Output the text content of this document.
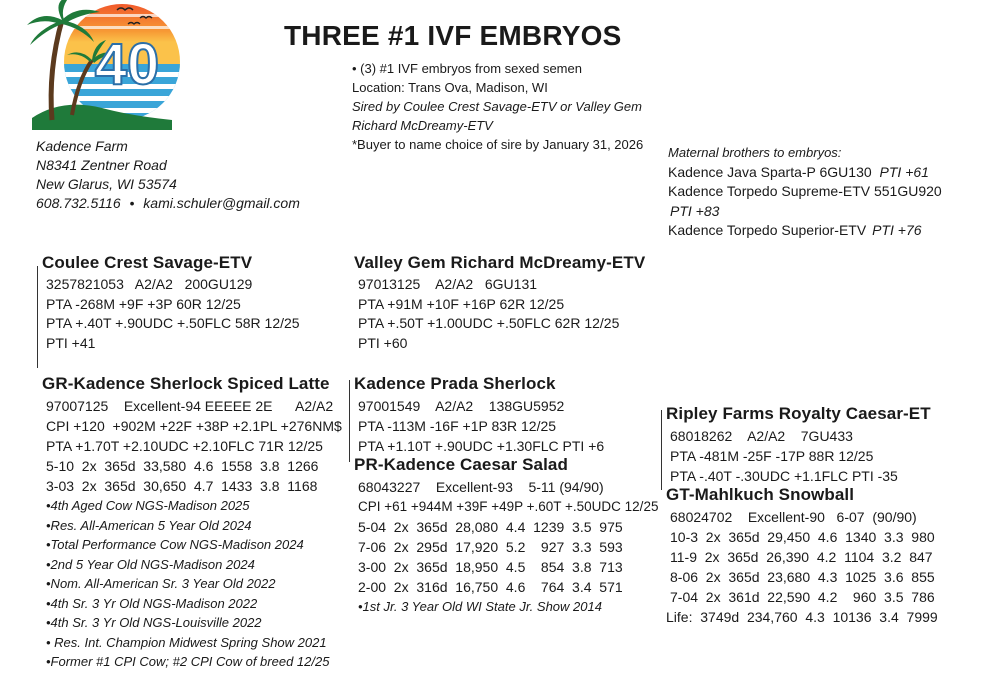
40	THREE #1 IVF EMBRYOS
• (3) #1 IVF embryos from sexed semen
Location: Trans Ova, Madison, WI
Sired by Coulee Crest Savage-ETV or Valley Gem
Richard McDreamy-ETV
*Buyer to name choice of sire by January 31, 2026
Kadence Farm
N8341 Zentner Road
New Glarus, WI 53574
608.732.5116 • kami.schuler@gmail.com
Maternal brothers to embryos:
Kadence Java Sparta-P 6GU130 PTI +61
Kadence Torpedo Supreme-ETV 551GU920
PTI +83
Kadence Torpedo Superior-ETV PTI +76
Coulee Crest Savage-ETV
3257821053   A2/A2   200GU129
PTA -268M +9F +3P 60R 12/25
PTA +.40T +.90UDC +.50FLC 58R 12/25
PTI +41
Valley Gem Richard McDreamy-ETV
97013125    A2/A2   6GU131
PTA +91M +10F +16P 62R 12/25
PTA +.50T +1.00UDC +.50FLC 62R 12/25
PTI +60
GR-Kadence Sherlock Spiced Latte
97007125    Excellent-94 EEEEE 2E      A2/A2
CPI +120  +902M +22F +38P +2.1PL +276NM$
PTA +1.70T +2.10UDC +2.10FLC 71R 12/25
5-10  2x  365d  33,580  4.6  1558  3.8  1266
3-03  2x  365d  30,650  4.7  1433  3.8  1168
•4th Aged Cow NGS-Madison 2025
•Res. All-American 5 Year Old 2024
•Total Performance Cow NGS-Madison 2024
•2nd 5 Year Old NGS-Madison 2024
•Nom. All-American Sr. 3 Year Old 2022
•4th Sr. 3 Yr Old NGS-Madison 2022
•4th Sr. 3 Yr Old NGS-Louisville 2022
• Res. Int. Champion Midwest Spring Show 2021
•Former #1 CPI Cow; #2 CPI Cow of breed 12/25
Kadence Prada Sherlock
97001549    A2/A2    138GU5952
PTA -113M -16F +1P 83R 12/25
PTA +1.10T +.90UDC +1.30FLC PTI +6
PR-Kadence Caesar Salad
68043227    Excellent-93    5-11 (94/90)
CPI +61 +944M +39F +49P +.60T +.50UDC 12/25
5-04  2x  365d  28,080  4.4  1239  3.5  975
7-06  2x  295d  17,920  5.2    927  3.3  593
3-00  2x  365d  18,950  4.5    854  3.8  713
2-00  2x  316d  16,750  4.6    764  3.4  571
•1st Jr. 3 Year Old WI State Jr. Show 2014
Ripley Farms Royalty Caesar-ET
68018262    A2/A2    7GU433
PTA -481M -25F -17P 88R 12/25
PTA -.40T -.30UDC +1.1FLC PTI -35
GT-Mahlkuch Snowball
68024702    Excellent-90   6-07  (90/90)
10-3  2x  365d  29,450  4.6  1340  3.3  980
11-9  2x  365d  26,390  4.2  1104  3.2  847
8-06  2x  365d  23,680  4.3  1025  3.6  855
7-04  2x  361d  22,590  4.2    960  3.5  786
Life:  3749d  234,760  4.3  10136  3.4  7999
